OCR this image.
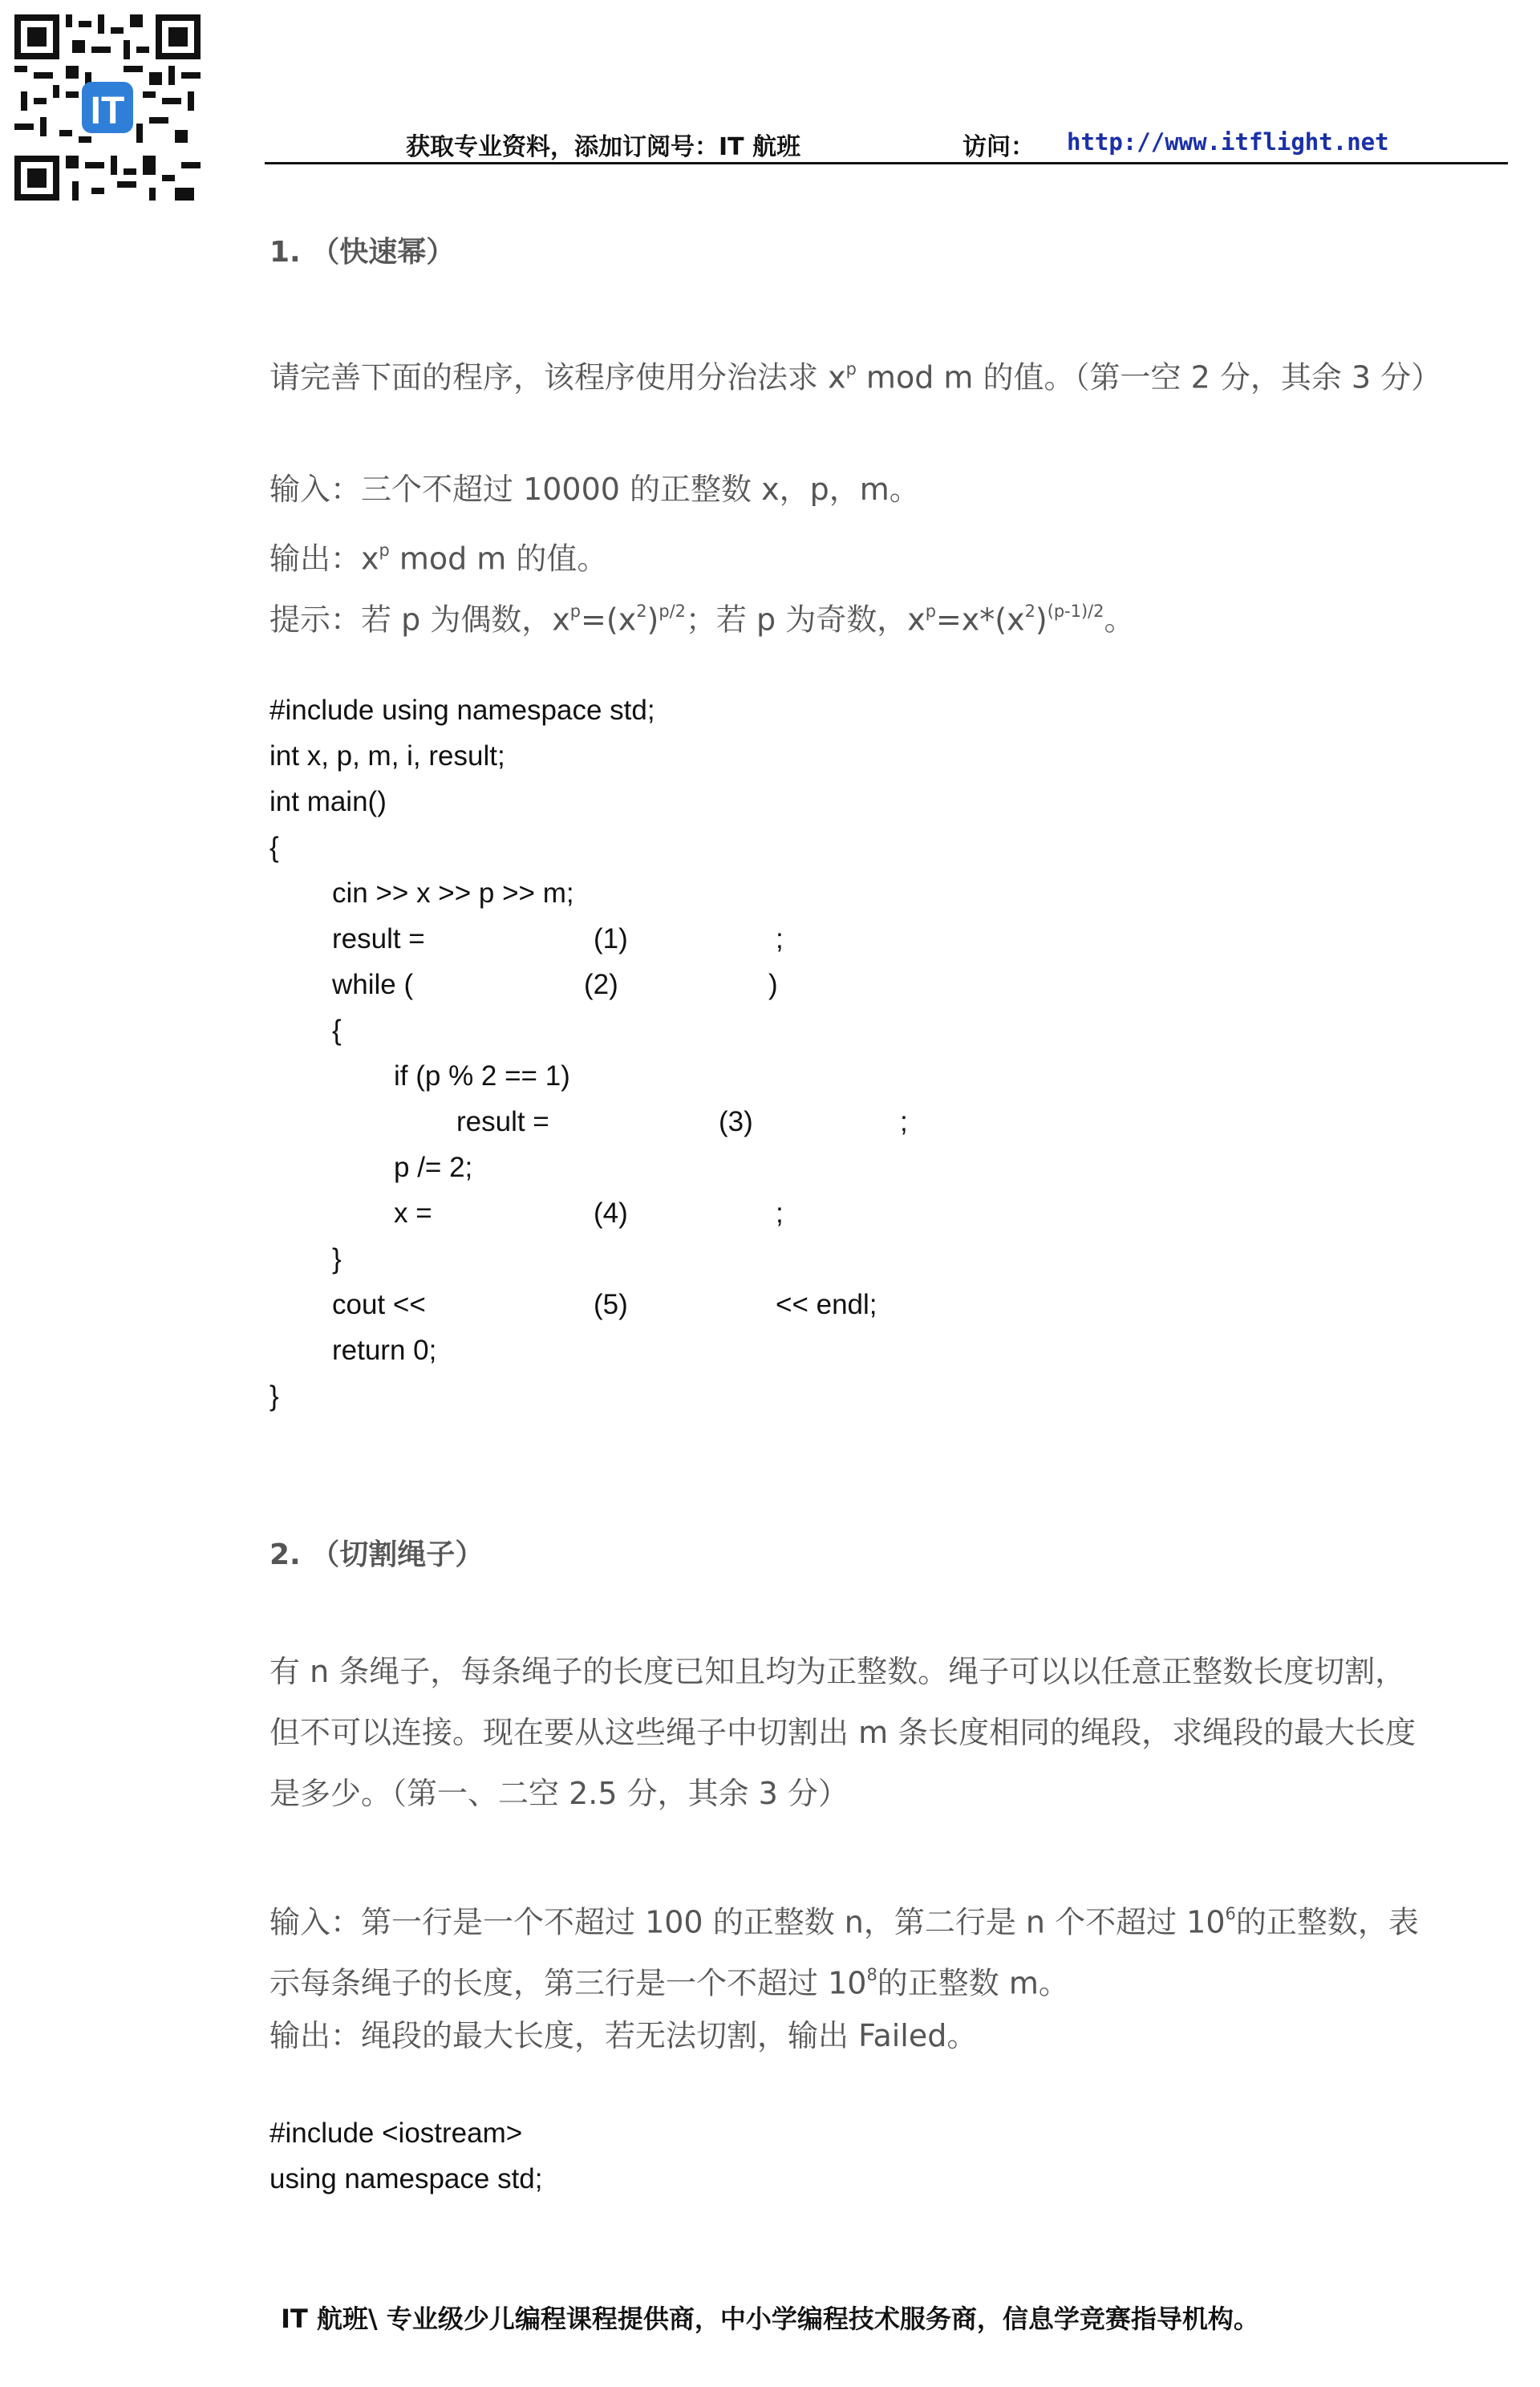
IT
获取专业资料，添加订阅号：IT 航班	访问： http://www.itflight.net
1. （快速幂）
请完善下面的程序，该程序使用分治法求 $x^p$ mod m 的值。（第一空 2 分，其余 3 分）
输入：三个不超过 10000 的正整数 x，p，m。
输出：$x^p$ mod m 的值。
提示：若 p 为偶数，$x^p=(x^2)^{p/2}$；若 p 为奇数，$x^p=x*(x^2)^{(p-1)/2}$。
#include using namespace std;
int x, p, m, i, result;
int main()
{
cin >> x >> p >> m;
result =	(1)	;
while (	(2)	)
{
if (p % 2 == 1)
result =	(3)	;
p /= 2;
x =	(4)	;
}
cout <<	(5)	<< endl;
return 0;
}
2. （切割绳子）
有 n 条绳子，每条绳子的长度已知且均为正整数。绳子可以以任意正整数长度切割，
但不可以连接。现在要从这些绳子中切割出 m 条长度相同的绳段，求绳段的最大长度
是多少。（第一、二空 2.5 分，其余 3 分）
输入：第一行是一个不超过 100 的正整数 n，第二行是 n 个不超过 $10^6$的正整数，表
示每条绳子的长度，第三行是一个不超过 $10^8$的正整数 m。
输出：绳段的最大长度，若无法切割，输出 Failed。
#include <iostream>
using namespace std;
IT 航班\ 专业级少儿编程课程提供商，中小学编程技术服务商，信息学竞赛指导机构。
